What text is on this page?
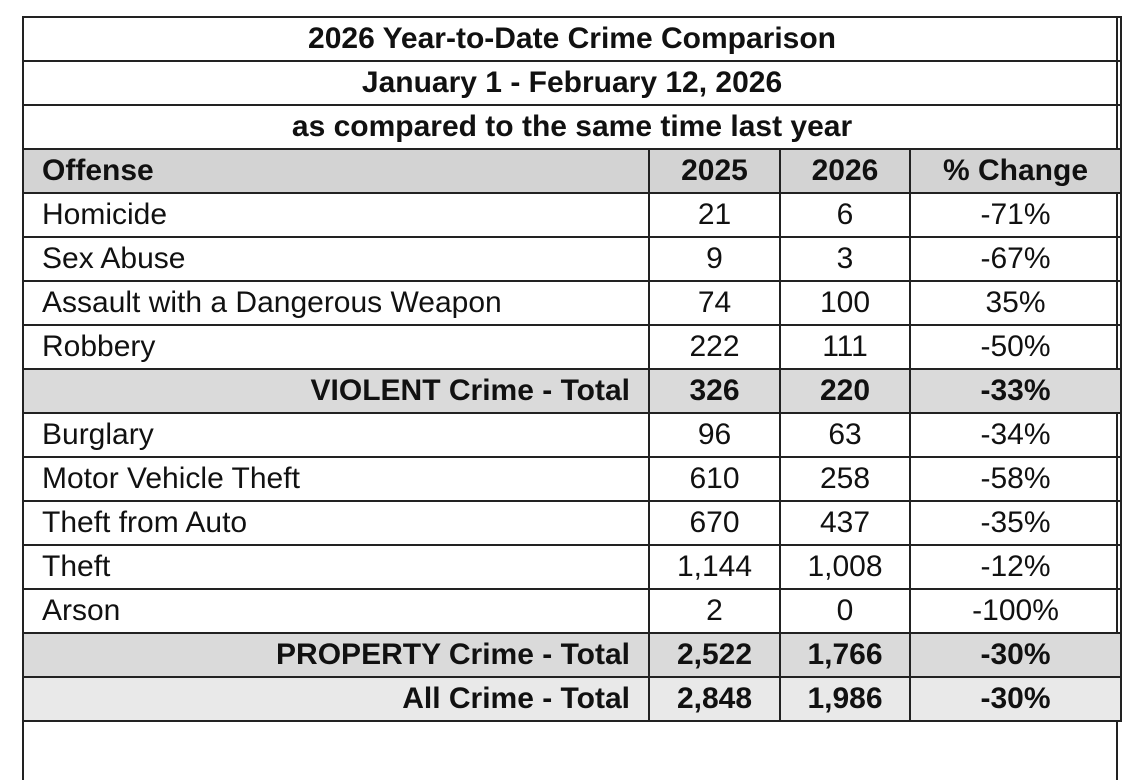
2026 Year-to-Date Crime Comparison			
January 1 - February 12, 2026			
as compared to the same time last year			
Offense	2025	2026	% Change
Homicide	21	6	-71%
Sex Abuse	9	3	-67%
Assault with a Dangerous Weapon	74	100	35%
Robbery	222	111	-50%
VIOLENT Crime - Total	326	220	-33%
Burglary	96	63	-34%
Motor Vehicle Theft	610	258	-58%
Theft from Auto	670	437	-35%
Theft	1,144	1,008	-12%
Arson	2	0	-100%
PROPERTY Crime - Total	2,522	1,766	-30%
All Crime - Total	2,848	1,986	-30%
